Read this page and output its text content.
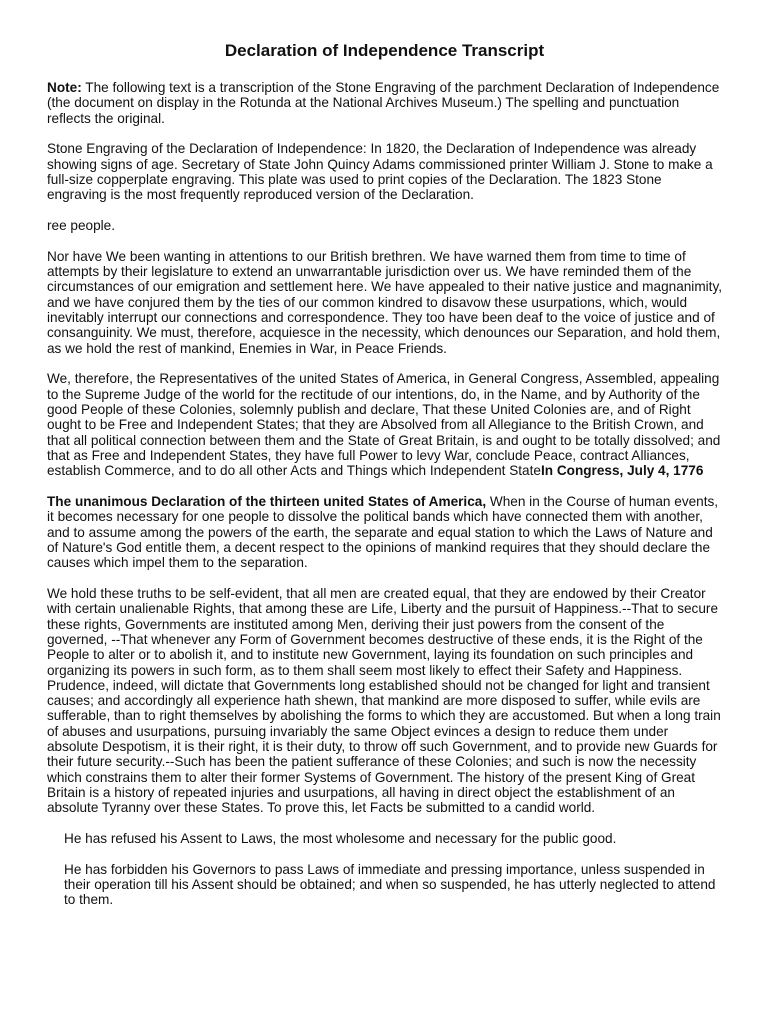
Declaration of Independence Transcript

Note: The following text is a transcription of the Stone Engraving of the parchment Declaration of Independence (the document on display in the Rotunda at the National Archives Museum.) The spelling and punctuation reflects the original.

Stone Engraving of the Declaration of Independence: In 1820, the Declaration of Independence was already showing signs of age. Secretary of State John Quincy Adams commissioned printer William J. Stone to make a full-size copperplate engraving. This plate was used to print copies of the Declaration. The 1823 Stone engraving is the most frequently reproduced version of the Declaration.

ree people.

Nor have We been wanting in attentions to our British brethren. We have warned them from time to time of attempts by their legislature to extend an unwarrantable jurisdiction over us. We have reminded them of the circumstances of our emigration and settlement here. We have appealed to their native justice and magnanimity, and we have conjured them by the ties of our common kindred to disavow these usurpations, which, would inevitably interrupt our connections and correspondence. They too have been deaf to the voice of justice and of consanguinity. We must, therefore, acquiesce in the necessity, which denounces our Separation, and hold them, as we hold the rest of mankind, Enemies in War, in Peace Friends.

We, therefore, the Representatives of the united States of America, in General Congress, Assembled, appealing to the Supreme Judge of the world for the rectitude of our intentions, do, in the Name, and by Authority of the good People of these Colonies, solemnly publish and declare, That these United Colonies are, and of Right ought to be Free and Independent States; that they are Absolved from all Allegiance to the British Crown, and that all political connection between them and the State of Great Britain, is and ought to be totally dissolved; and that as Free and Independent States, they have full Power to levy War, conclude Peace, contract Alliances, establish Commerce, and to do all other Acts and Things which Independent StateIn Congress, July 4, 1776

The unanimous Declaration of the thirteen united States of America, When in the Course of human events, it becomes necessary for one people to dissolve the political bands which have connected them with another, and to assume among the powers of the earth, the separate and equal station to which the Laws of Nature and of Nature's God entitle them, a decent respect to the opinions of mankind requires that they should declare the causes which impel them to the separation.

We hold these truths to be self-evident, that all men are created equal, that they are endowed by their Creator with certain unalienable Rights, that among these are Life, Liberty and the pursuit of Happiness.--That to secure these rights, Governments are instituted among Men, deriving their just powers from the consent of the governed, --That whenever any Form of Government becomes destructive of these ends, it is the Right of the People to alter or to abolish it, and to institute new Government, laying its foundation on such principles and organizing its powers in such form, as to them shall seem most likely to effect their Safety and Happiness. Prudence, indeed, will dictate that Governments long established should not be changed for light and transient causes; and accordingly all experience hath shewn, that mankind are more disposed to suffer, while evils are sufferable, than to right themselves by abolishing the forms to which they are accustomed. But when a long train of abuses and usurpations, pursuing invariably the same Object evinces a design to reduce them under absolute Despotism, it is their right, it is their duty, to throw off such Government, and to provide new Guards for their future security.--Such has been the patient sufferance of these Colonies; and such is now the necessity which constrains them to alter their former Systems of Government. The history of the present King of Great Britain is a history of repeated injuries and usurpations, all having in direct object the establishment of an absolute Tyranny over these States. To prove this, let Facts be submitted to a candid world.

He has refused his Assent to Laws, the most wholesome and necessary for the public good.

He has forbidden his Governors to pass Laws of immediate and pressing importance, unless suspended in their operation till his Assent should be obtained; and when so suspended, he has utterly neglected to attend to them.
